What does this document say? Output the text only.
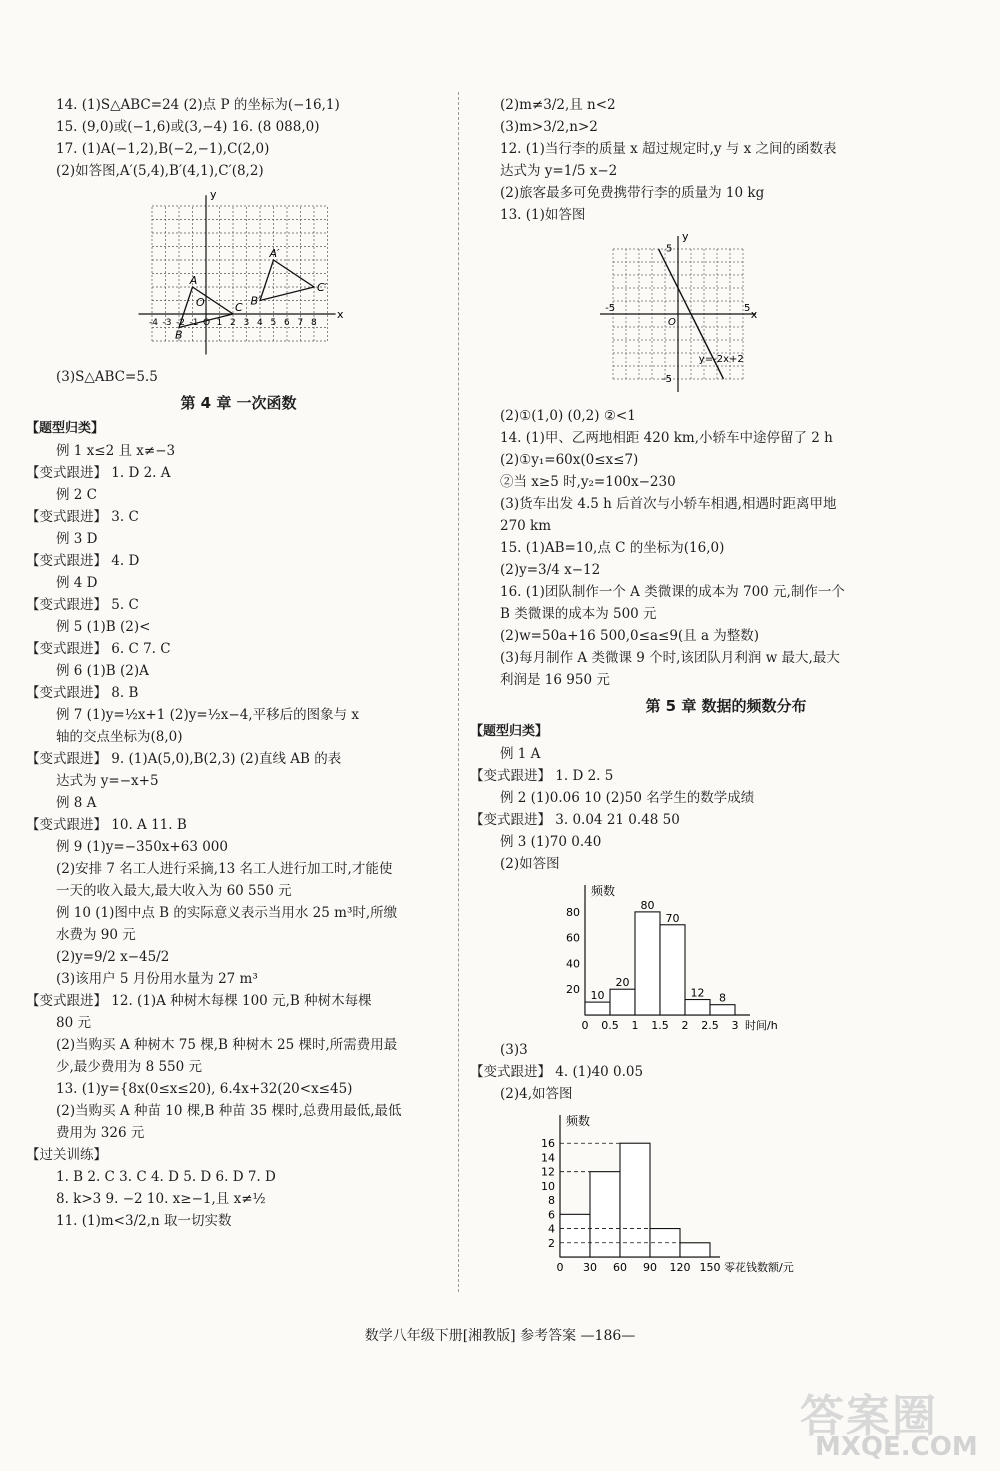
14. (1)S△ABC=24 (2)点 P 的坐标为(−16,1)
15. (9,0)或(−1,6)或(3,−4) 16. (8 088,0)
17. (1)A(−1,2),B(−2,−1),C(2,0)
(2)如答图,A′(5,4),B′(4,1),C′(8,2)
x
y
-4 -3 -2 -1 O 1 2 3 4 5 6 7 8
A
B
C
A′
B′
C′
O
(3)S△ABC=5.5
第 4 章 一次函数
【题型归类】
例 1 x≤2 且 x≠−3
【变式跟进】 1. D 2. A
例 2 C
【变式跟进】 3. C
例 3 D
【变式跟进】 4. D
例 4 D
【变式跟进】 5. C
例 5 (1)B (2)<
【变式跟进】 6. C 7. C
例 6 (1)B (2)A
【变式跟进】 8. B
例 7 (1)y=½x+1 (2)y=½x−4,平移后的图象与 x
轴的交点坐标为(8,0)
【变式跟进】 9. (1)A(5,0),B(2,3) (2)直线 AB 的表
达式为 y=−x+5
例 8 A
【变式跟进】 10. A 11. B
例 9 (1)y=−350x+63 000
(2)安排 7 名工人进行采摘,13 名工人进行加工时,才能使
一天的收入最大,最大收入为 60 550 元
例 10 (1)图中点 B 的实际意义表示当用水 25 m³时,所缴
水费为 90 元
(2)y=9/2 x−45/2
(3)该用户 5 月份用水量为 27 m³
【变式跟进】 12. (1)A 种树木每棵 100 元,B 种树木每棵
80 元
(2)当购买 A 种树木 75 棵,B 种树木 25 棵时,所需费用最
少,最少费用为 8 550 元
13. (1)y={8x(0≤x≤20), 6.4x+32(20<x≤45)
(2)当购买 A 种苗 10 棵,B 种苗 35 棵时,总费用最低,最低
费用为 326 元
【过关训练】
1. B 2. C 3. C 4. D 5. D 6. D 7. D
8. k>3 9. −2 10. x≥−1,且 x≠½
11. (1)m<3/2,n 取一切实数
(2)m≠3/2,且 n<2
(3)m>3/2,n>2
12. (1)当行李的质量 x 超过规定时,y 与 x 之间的函数表
达式为 y=1/5 x−2
(2)旅客最多可免费携带行李的质量为 10 kg
13. (1)如答图
y
x
5
-5	5
-5
O
y=-2x+2
(2)①(1,0) (0,2) ②<1
14. (1)甲、乙两地相距 420 km,小轿车中途停留了 2 h
(2)①y₁=60x(0≤x≤7)
②当 x≥5 时,y₂=100x−230
(3)货车出发 4.5 h 后首次与小轿车相遇,相遇时距离甲地
270 km
15. (1)AB=10,点 C 的坐标为(16,0)
(2)y=3/4 x−12
16. (1)团队制作一个 A 类微课的成本为 700 元,制作一个
B 类微课的成本为 500 元
(2)w=50a+16 500,0≤a≤9(且 a 为整数)
(3)每月制作 A 类微课 9 个时,该团队月利润 w 最大,最大
利润是 16 950 元
第 5 章 数据的频数分布
【题型归类】
例 1 A
【变式跟进】 1. D 2. 5
例 2 (1)0.06 10 (2)50 名学生的数学成绩
【变式跟进】 3. 0.04 21 0.48 50
例 3 (1)70 0.40
(2)如答图
频数
10
20
80
70
12 8
20
40
60
80
0 0.5 1 1.5 2 2.5 3 时间/h
(3)3
【变式跟进】 4. (1)40 0.05
(2)4,如答图
频数
2
4
6
8
10
12
14
16
0 30 60 90 120 150 零花钱数额/元
数学八年级下册[湘教版] 参考答案 —186—
答案圈
MXQE.COM
